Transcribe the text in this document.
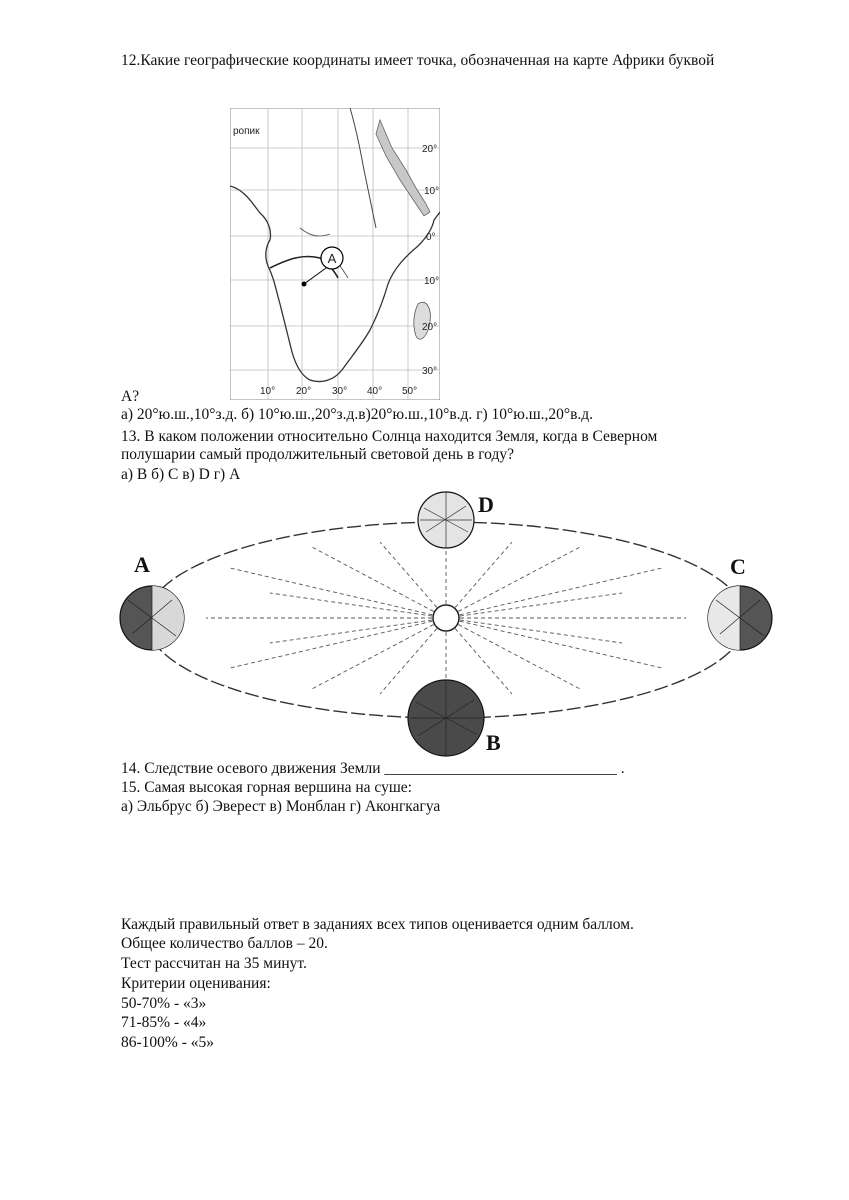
12.Какие географические координаты имеет точка, обозначенная на карте Африки буквой
A
ропик
20°
10°
0°
10°
20°
30°
10° 20° 30° 40° 50°
А?
а) 20°ю.ш.,10°з.д. б) 10°ю.ш.,20°з.д.в)20°ю.ш.,10°в.д. г) 10°ю.ш.,20°в.д.
13. В каком положении относительно Солнца находится Земля, когда в Северном
полушарии самый продолжительный световой день в году?
а) В б) С в) D г) А
A	C
D
B
14. Следствие осевого движения Земли ______________________________ .
15. Самая высокая горная вершина на суше:
а) Эльбрус б) Эверест в) Монблан г) Аконгкагуа
Каждый правильный ответ в заданиях всех типов оценивается одним баллом.
Общее количество баллов – 20.
Тест рассчитан на 35 минут.
Критерии оценивания:
50-70% - «3»
71-85% - «4»
86-100% - «5»
